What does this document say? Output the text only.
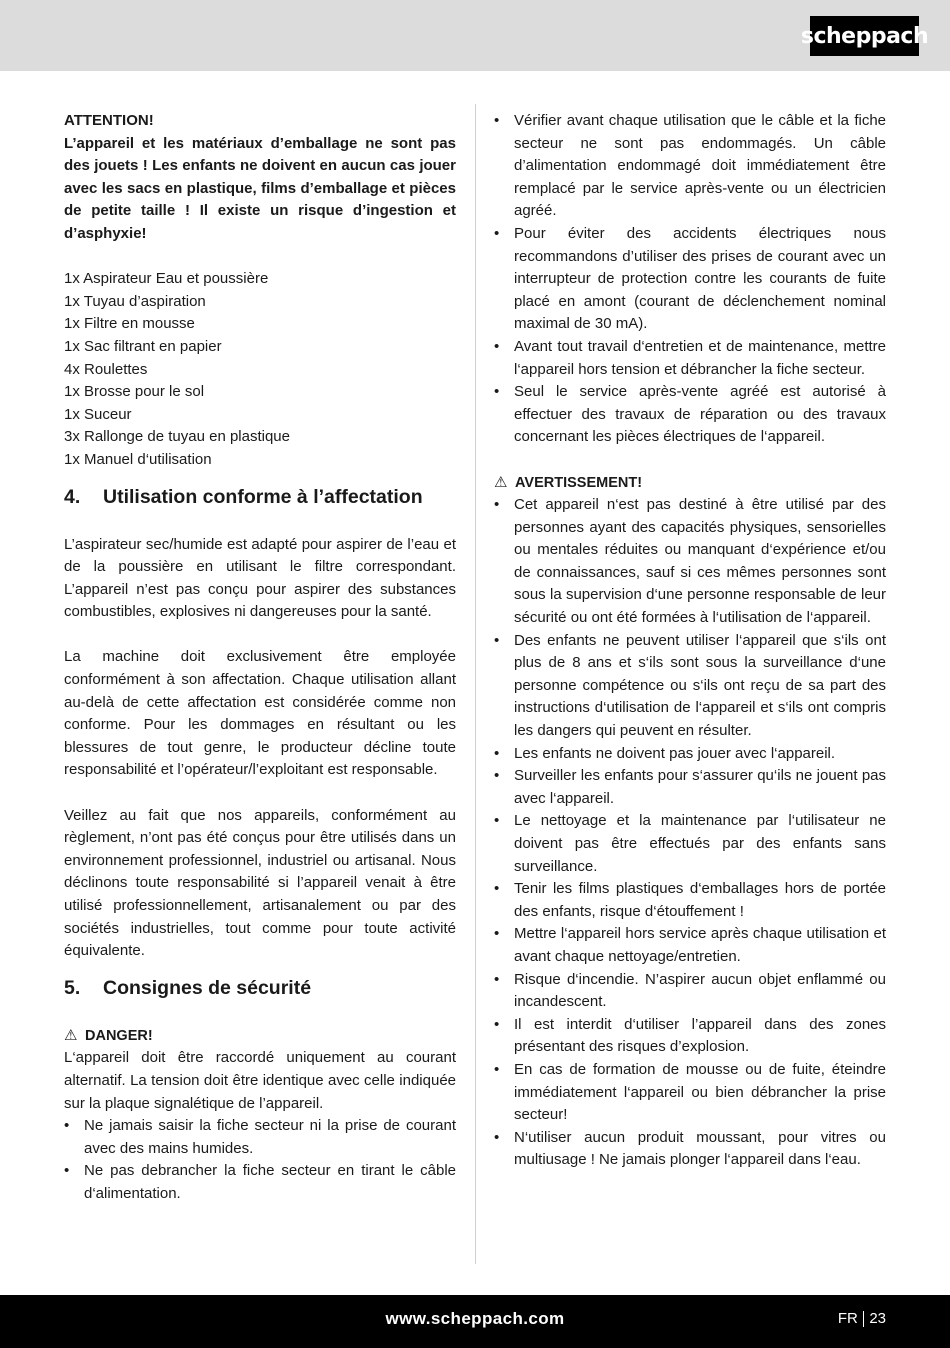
scheppach

ATTENTION!

L’appareil et les matériaux d’emballage ne sont pas des jouets ! Les enfants ne doivent en aucun cas jouer avec les sacs en plastique, films d’emballage et pièces de petite taille ! Il existe un risque d’ingestion et d’asphyxie!

1x Aspirateur Eau et poussière
1x Tuyau d’aspiration
1x Filtre en mousse
1x Sac filtrant en papier
4x Roulettes
1x Brosse pour le sol
1x Suceur
3x Rallonge de tuyau en plastique
1x Manuel d‘utilisation
4.	Utilisation conforme à l’affectation

L’aspirateur sec/humide est adapté pour aspirer de l’eau et de la poussière en utilisant le filtre correspondant. L’appareil n’est pas conçu pour aspirer des substances combustibles, explosives ni dangereuses pour la santé.

La machine doit exclusivement être employée conformément à son affectation. Chaque utilisation allant au-delà de cette affectation est considérée comme non conforme. Pour les dommages en résultant ou les blessures de tout genre, le producteur décline toute responsabilité et l’opérateur/l’exploitant est responsable.

Veillez au fait que nos appareils, conformément au règlement, n’ont pas été conçus pour être utilisés dans un environnement professionnel, industriel ou artisanal. Nous déclinons toute responsabilité si l’appareil venait à être utilisé professionnellement, artisanalement ou par des sociétés industrielles, tout comme pour toute activité équivalente.

5.	Consignes de sécurité
⚠ DANGER!

L‘appareil doit être raccordé uniquement au courant alternatif. La tension doit être identique avec celle indiquée sur la plaque signalétique de l’appareil.

• Ne jamais saisir la fiche secteur ni la prise de courant avec des mains humides.
• Ne pas debrancher la fiche secteur en tirant le câble d‘alimentation.
• Vérifier avant chaque utilisation que le câble et la fiche secteur ne sont pas endommagés. Un câble d’alimentation endommagé doit immédiatement être remplacé par le service après-vente ou un électricien agréé.
• Pour éviter des accidents électriques nous recommandons d’utiliser des prises de courant avec un interrupteur de protection contre les courants de fuite placé en amont (courant de déclenchement nominal maximal de 30 mA).
• Avant tout travail d‘entretien et de maintenance, mettre l‘appareil hors tension et débrancher la fiche secteur.
• Seul le service après-vente agréé est autorisé à effectuer des travaux de réparation ou des travaux concernant les pièces électriques de l‘appareil.
⚠ AVERTISSEMENT!
• Cet appareil n‘est pas destiné à être utilisé par des personnes ayant des capacités physiques, sensorielles ou mentales réduites ou manquant d‘expérience et/ou de connaissances, sauf si ces mêmes personnes sont sous la supervision d‘une personne responsable de leur sécurité ou ont été formées à l‘utilisation de l‘appareil.
• Des enfants ne peuvent utiliser l‘appareil que s‘ils ont plus de 8 ans et s‘ils sont sous la surveillance d‘une personne compétence ou s‘ils ont reçu de sa part des instructions d‘utilisation de l‘appareil et s‘ils ont compris les dangers qui peuvent en résulter.
• Les enfants ne doivent pas jouer avec l‘appareil.
• Surveiller les enfants pour s‘assurer qu‘ils ne jouent pas avec l‘appareil.
• Le nettoyage et la maintenance par l‘utilisateur ne doivent pas être effectués par des enfants sans surveillance.
• Tenir les films plastiques d‘emballages hors de portée des enfants, risque d‘étouffement !
• Mettre l‘appareil hors service après chaque utilisation et avant chaque nettoyage/entretien.
• Risque d‘incendie. N’aspirer aucun objet enflammé ou incandescent.
• Il est interdit d‘utiliser l’appareil dans des zones présentant des risques d’explosion.
• En cas de formation de mousse ou de fuite, éteindre immédiatement l‘appareil ou bien débrancher la prise secteur!
• N‘utiliser aucun produit moussant, pour vitres ou multiusage ! Ne jamais plonger l‘appareil dans l‘eau.
www.scheppach.com	FR 23
